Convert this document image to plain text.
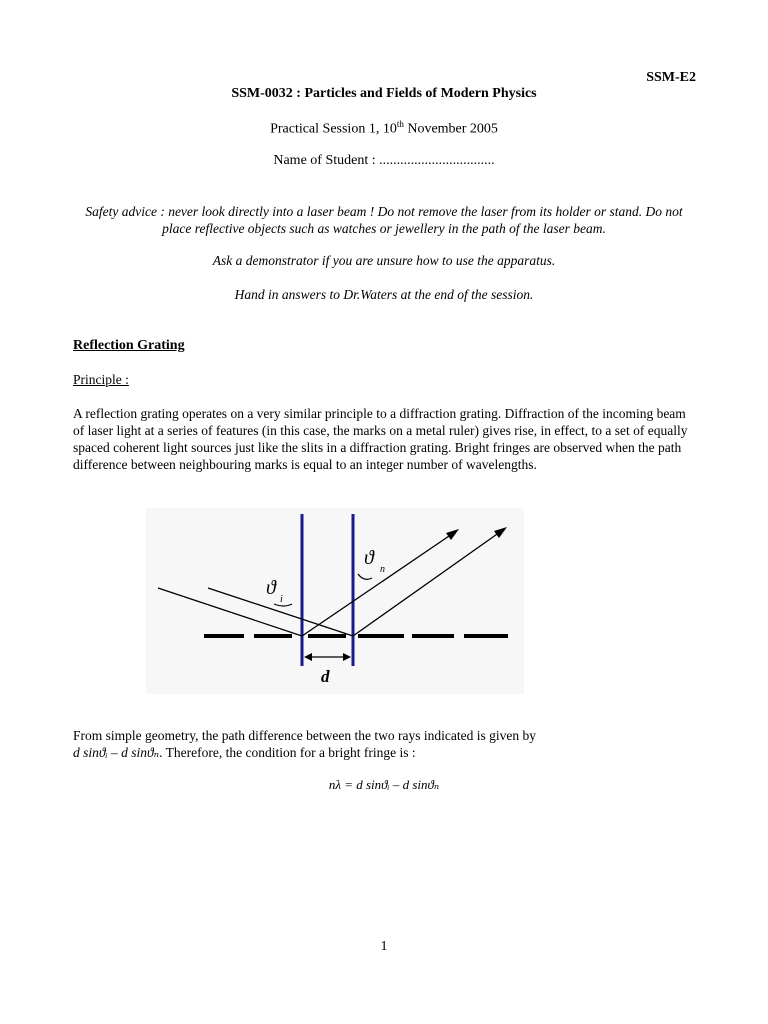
SSM-E2
SSM-0032 : Particles and Fields of Modern Physics
Practical Session 1, 10th November 2005
Name of Student : .................................
Safety advice : never look directly into a laser beam ! Do not remove the laser from its holder or stand. Do not place reflective objects such as watches or jewellery in the path of the laser beam.
Ask a demonstrator if you are unsure how to use the apparatus.
Hand in answers to Dr.Waters at the end of the session.
Reflection Grating
Principle :
A reflection grating operates on a very similar principle to a diffraction grating. Diffraction of the incoming beam of laser light at a series of features (in this case, the marks on a metal ruler) gives rise, in effect, to a set of equally spaced coherent light sources just like the slits in a diffraction grating. Bright fringes are observed when the path difference between neighbouring marks is equal to an integer number of wavelengths.
ϑ
i
ϑ
n
d
From simple geometry, the path difference between the two rays indicated is given by
d sinϑᵢ – d sinϑₙ. Therefore, the condition for a bright fringe is :
nλ = d sinϑᵢ – d sinϑₙ
1
